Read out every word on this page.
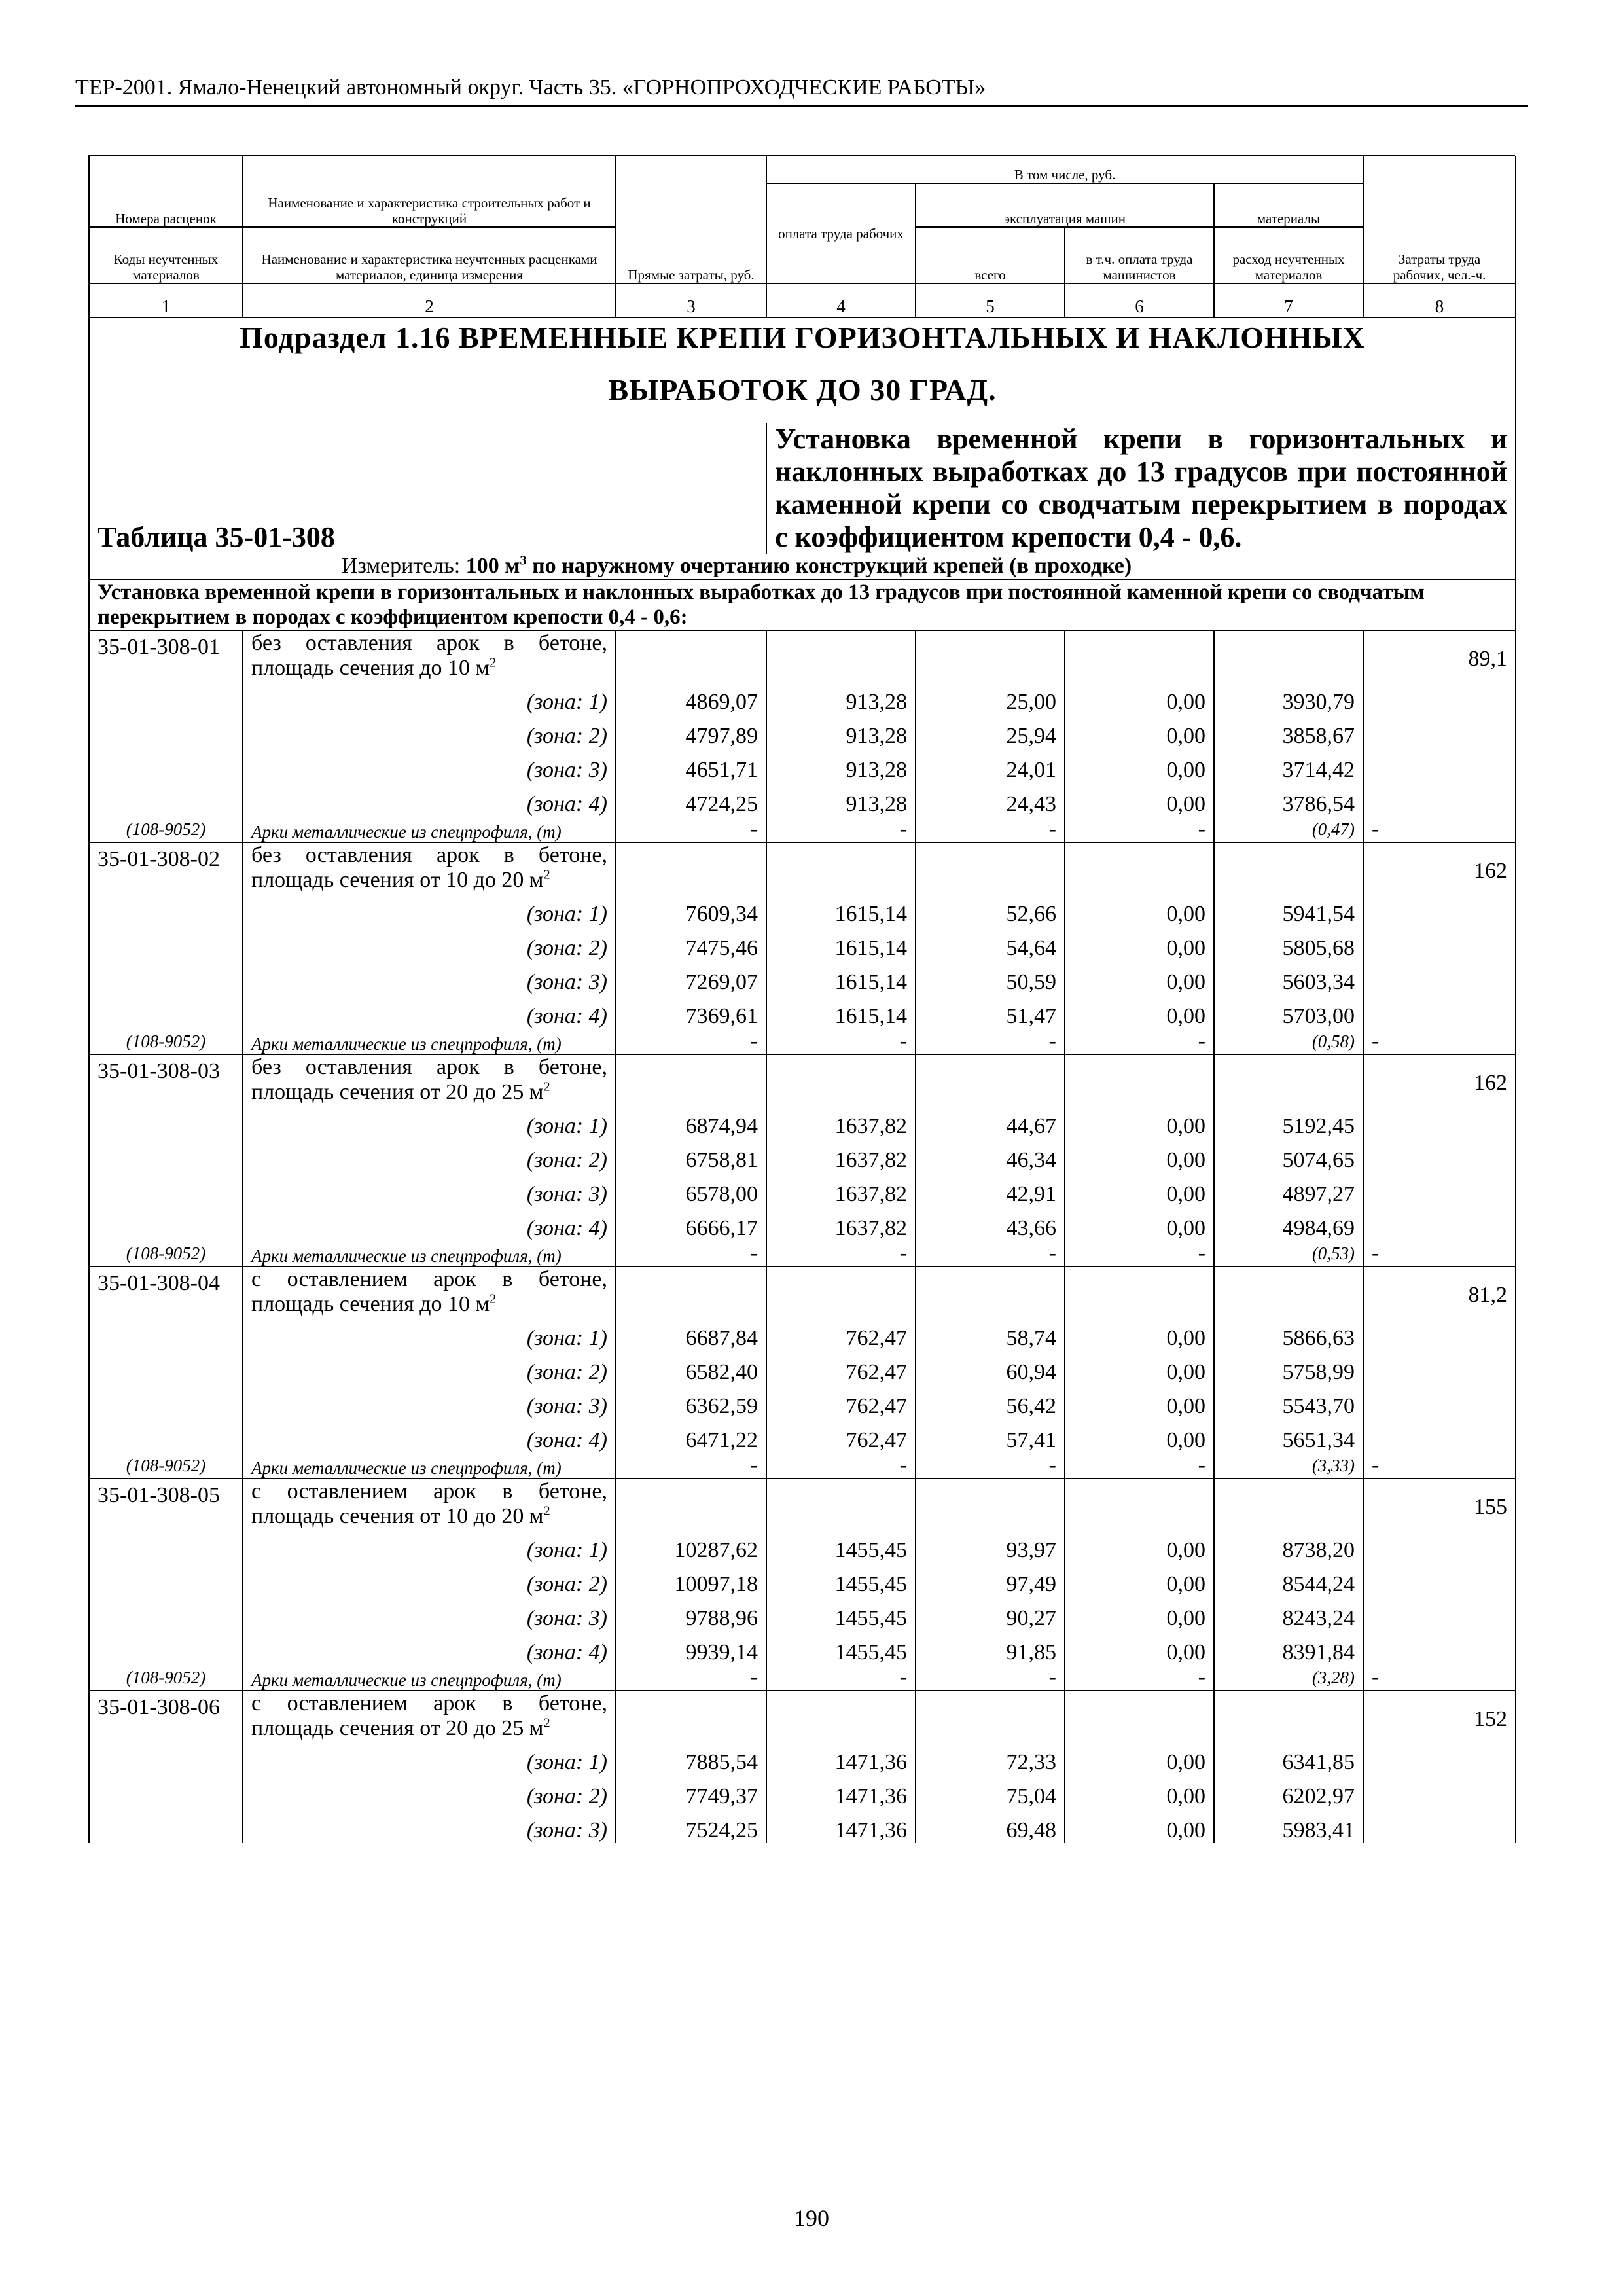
ТЕР-2001. Ямало-Ненецкий автономный округ. Часть 35. «ГОРНОПРОХОДЧЕСКИЕ РАБОТЫ»
			В том числе, руб.				
Номера расценок	Наименование и характеристика строительных работ и конструкций		оплата труда рабочих	эксплуатация машин		материалы	
Коды неучтенных материалов	Наименование и характеристика неучтенных расценками материалов, единица измерения	Прямые затраты, руб.		всего	в т.ч. оплата труда машинистов	расход неучтенных материалов	Затраты труда рабочих, чел.-ч.
1	2	3	4	5	6	7	8

Подраздел 1.16 ВРЕМЕННЫЕ КРЕПИ ГОРИЗОНТАЛЬНЫХ И НАКЛОННЫХ
ВЫРАБОТОК ДО 30 ГРАД.							

Таблица 35-01-308			Установка временной крепи в горизонтальных и наклонных выработках до 13 градусов при постоянной каменной крепи со сводчатым перекрытием в породах с коэффициентом крепости 0,4 - 0,6.				
Измеритель: 100 $м^3$ по наружному очертанию конструкций крепей (в проходке)							
Установка временной крепи в горизонтальных и наклонных выработках до 13 градусов при постоянной каменной крепи со сводчатым перекрытием в породах с коэффициентом крепости 0,4 - 0,6:							
35-01-308-01	без оставления арок в бетоне, площадь сечения до 10 $м^2$						89,1
	(зона: 1)	4869,07	913,28	25,00	0,00	3930,79	
	(зона: 2)	4797,89	913,28	25,94	0,00	3858,67	
	(зона: 3)	4651,71	913,28	24,01	0,00	3714,42	
	(зона: 4)	4724,25	913,28	24,43	0,00	3786,54	
(108-9052)	Арки металлические из спецпрофиля, (т)	-	-	-	-	(0,47)	-
35-01-308-02	без оставления арок в бетоне, площадь сечения от 10 до 20 $м^2$						162
	(зона: 1)	7609,34	1615,14	52,66	0,00	5941,54	
	(зона: 2)	7475,46	1615,14	54,64	0,00	5805,68	
	(зона: 3)	7269,07	1615,14	50,59	0,00	5603,34	
	(зона: 4)	7369,61	1615,14	51,47	0,00	5703,00	
(108-9052)	Арки металлические из спецпрофиля, (т)	-	-	-	-	(0,58)	-
35-01-308-03	без оставления арок в бетоне, площадь сечения от 20 до 25 $м^2$						162
	(зона: 1)	6874,94	1637,82	44,67	0,00	5192,45	
	(зона: 2)	6758,81	1637,82	46,34	0,00	5074,65	
	(зона: 3)	6578,00	1637,82	42,91	0,00	4897,27	
	(зона: 4)	6666,17	1637,82	43,66	0,00	4984,69	
(108-9052)	Арки металлические из спецпрофиля, (т)	-	-	-	-	(0,53)	-
35-01-308-04	с оставлением арок в бетоне, площадь сечения до 10 $м^2$						81,2
	(зона: 1)	6687,84	762,47	58,74	0,00	5866,63	
	(зона: 2)	6582,40	762,47	60,94	0,00	5758,99	
	(зона: 3)	6362,59	762,47	56,42	0,00	5543,70	
	(зона: 4)	6471,22	762,47	57,41	0,00	5651,34	
(108-9052)	Арки металлические из спецпрофиля, (т)	-	-	-	-	(3,33)	-
35-01-308-05	с оставлением арок в бетоне, площадь сечения от 10 до 20 $м^2$						155
	(зона: 1)	10287,62	1455,45	93,97	0,00	8738,20	
	(зона: 2)	10097,18	1455,45	97,49	0,00	8544,24	
	(зона: 3)	9788,96	1455,45	90,27	0,00	8243,24	
	(зона: 4)	9939,14	1455,45	91,85	0,00	8391,84	
(108-9052)	Арки металлические из спецпрофиля, (т)	-	-	-	-	(3,28)	-
35-01-308-06	с оставлением арок в бетоне, площадь сечения от 20 до 25 $м^2$						152
	(зона: 1)	7885,54	1471,36	72,33	0,00	6341,85	
	(зона: 2)	7749,37	1471,36	75,04	0,00	6202,97	
	(зона: 3)	7524,25	1471,36	69,48	0,00	5983,41	
190
